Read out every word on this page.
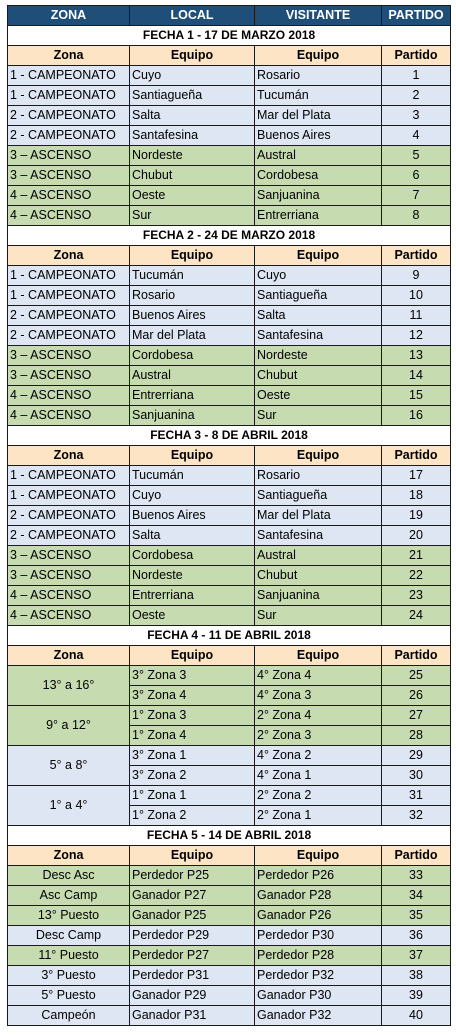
ZONA	LOCAL	VISITANTE	PARTIDO
FECHA 1 - 17 DE MARZO 2018			
Zona	Equipo	Equipo	Partido
1 - CAMPEONATO	Cuyo	Rosario	1
1 - CAMPEONATO	Santiagueña	Tucumán	2
2 - CAMPEONATO	Salta	Mar del Plata	3
2 - CAMPEONATO	Santafesina	Buenos Aires	4
3 – ASCENSO	Nordeste	Austral	5
3 – ASCENSO	Chubut	Cordobesa	6
4 – ASCENSO	Oeste	Sanjuanina	7
4 – ASCENSO	Sur	Entrerriana	8
FECHA 2 - 24 DE MARZO 2018			
Zona	Equipo	Equipo	Partido
1 - CAMPEONATO	Tucumán	Cuyo	9
1 - CAMPEONATO	Rosario	Santiagueña	10
2 - CAMPEONATO	Buenos Aires	Salta	11
2 - CAMPEONATO	Mar del Plata	Santafesina	12
3 – ASCENSO	Cordobesa	Nordeste	13
3 – ASCENSO	Austral	Chubut	14
4 – ASCENSO	Entrerriana	Oeste	15
4 – ASCENSO	Sanjuanina	Sur	16
FECHA 3 - 8 DE ABRIL 2018			
Zona	Equipo	Equipo	Partido
1 - CAMPEONATO	Tucumán	Rosario	17
1 - CAMPEONATO	Cuyo	Santiagueña	18
2 - CAMPEONATO	Buenos Aires	Mar del Plata	19
2 - CAMPEONATO	Salta	Santafesina	20
3 – ASCENSO	Cordobesa	Austral	21
3 – ASCENSO	Nordeste	Chubut	22
4 – ASCENSO	Entrerriana	Sanjuanina	23
4 – ASCENSO	Oeste	Sur	24
FECHA 4 - 11 DE ABRIL 2018			
Zona	Equipo	Equipo	Partido
13° a 16°	3° Zona 3	4° Zona 4	25
	3° Zona 4	4° Zona 3	26
9° a 12°	1° Zona 3	2° Zona 4	27
	1° Zona 4	2° Zona 3	28
5° a 8°	3° Zona 1	4° Zona 2	29
	3° Zona 2	4° Zona 1	30
1° a 4°	1° Zona 1	2° Zona 2	31
	1° Zona 2	2° Zona 1	32
FECHA 5 - 14 DE ABRIL 2018			
Zona	Equipo	Equipo	Partido
Desc Asc	Perdedor P25	Perdedor P26	33
Asc Camp	Ganador P27	Ganador P28	34
13° Puesto	Ganador P25	Ganador P26	35
Desc Camp	Perdedor P29	Perdedor P30	36
11° Puesto	Perdedor P27	Perdedor P28	37
3° Puesto	Perdedor P31	Perdedor P32	38
5° Puesto	Ganador P29	Ganador P30	39
Campeón	Ganador P31	Ganador P32	40
